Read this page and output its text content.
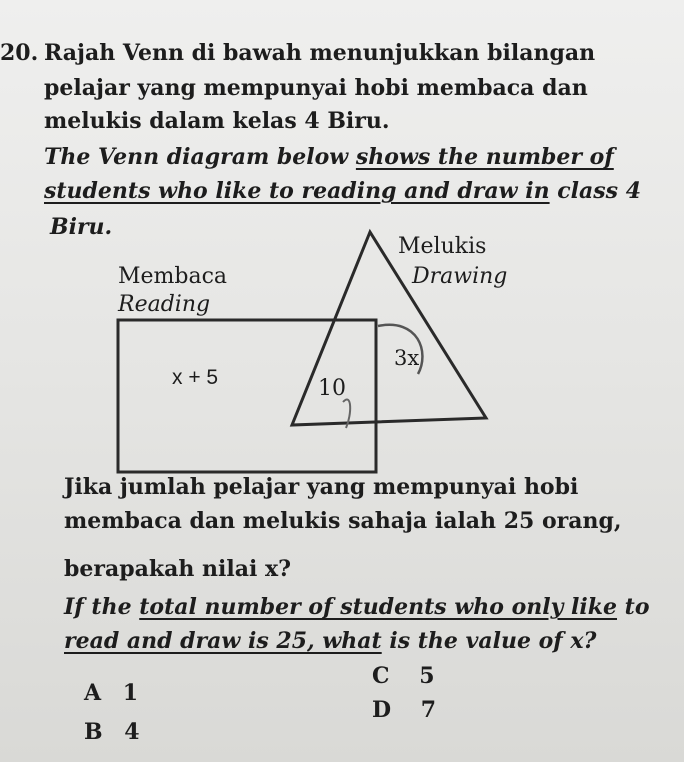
20. Rajah Venn di bawah menunjukkan bilangan
pelajar yang mempunyai hobi membaca dan
melukis dalam kelas 4 Biru.
The Venn diagram below shows the number of
students who like to reading and draw in class 4
Biru.
Membaca
Reading
Melukis
Drawing
x + 5	10
3x
Jika jumlah pelajar yang mempunyai hobi
membaca dan melukis sahaja ialah 25 orang,
berapakah nilai x?
If the total number of students who only like to
read and draw is 25, what is the value of x?
A 1
B 4
C 5
D 7
